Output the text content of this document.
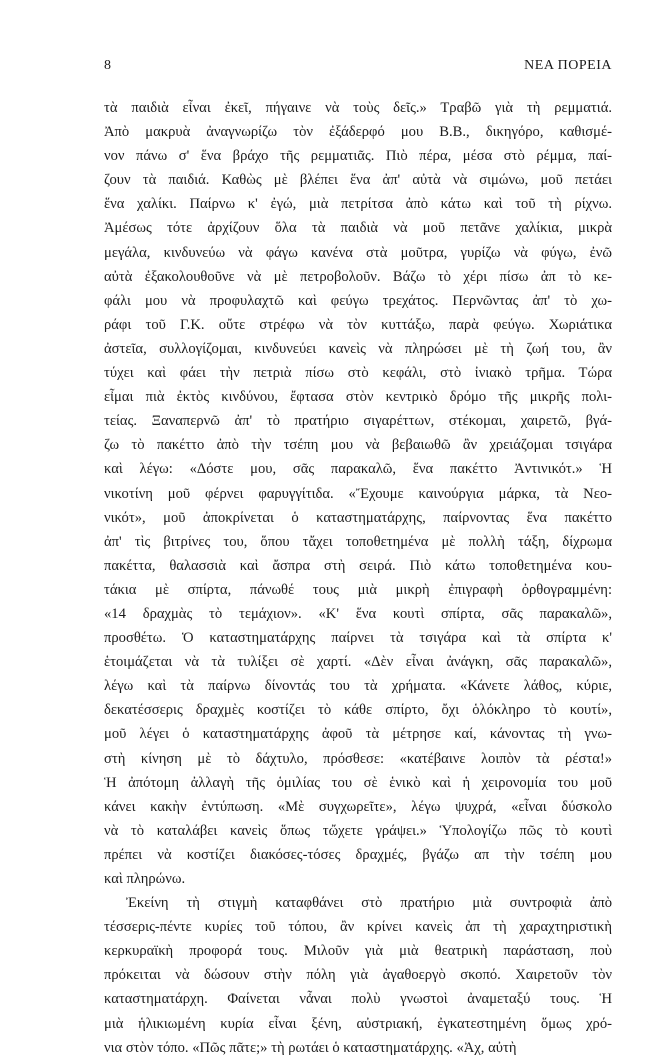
8	ΝΕΑ ΠΟΡΕΙΑ
τὰ παιδιὰ εἶναι ἐκεῖ, πήγαινε νὰ τοὺς δεῖς.» Τραβῶ γιὰ τὴ ρεμματιά.
Ἀπὸ μακρυὰ ἀναγνωρίζω τὸν ἐξάδερφό μου Β.Β., δικηγόρο, καθισμέ-
νον πάνω σ' ἕνα βράχο τῆς ρεμματιᾶς. Πιὸ πέρα, μέσα στὸ ρέμμα, παί-
ζουν τὰ παιδιά. Καθὼς μὲ βλέπει ἕνα ἀπ' αὐτὰ νὰ σιμώνω, μοῦ πετάει
ἕνα χαλίκι. Παίρνω κ' ἐγώ, μιὰ πετρίτσα ἀπὸ κάτω καὶ τοῦ τὴ ρίχνω.
Ἀμέσως τότε ἀρχίζουν ὅλα τὰ παιδιὰ νὰ μοῦ πετᾶνε χαλίκια, μικρὰ
μεγάλα, κινδυνεύω νὰ φάγω κανένα στὰ μοῦτρα, γυρίζω νὰ φύγω, ἐνῶ
αὐτὰ ἐξακολουθοῦνε νὰ μὲ πετροβολοῦν. Βάζω τὸ χέρι πίσω ἀπ τὸ κε-
φάλι μου νὰ προφυλαχτῶ καὶ φεύγω τρεχάτος. Περνῶντας ἀπ' τὸ χω-
ράφι τοῦ Γ.Κ. οὔτε στρέφω νὰ τὸν κυττάξω, παρὰ φεύγω. Χωριάτικα
ἀστεῖα, συλλογίζομαι, κινδυνεύει κανεὶς νὰ πληρώσει μὲ τὴ ζωή του, ἂν
τύχει καὶ φάει τὴν πετριὰ πίσω στὸ κεφάλι, στὸ ἰνιακὸ τρῆμα. Τώρα
εἶμαι πιὰ ἐκτὸς κινδύνου, ἔφτασα στὸν κεντρικὸ δρόμο τῆς μικρῆς πολι-
τείας. Ξαναπερνῶ ἀπ' τὸ πρατήριο σιγαρέττων, στέκομαι, χαιρετῶ, βγά-
ζω τὸ πακέττο ἀπὸ τὴν τσέπη μου νὰ βεβαιωθῶ ἂν χρειάζομαι τσιγάρα
καὶ λέγω: «Δόστε μου, σᾶς παρακαλῶ, ἕνα πακέττο Ἀντινικότ.» Ἡ
νικοτίνη μοῦ φέρνει φαρυγγίτιδα. «Ἔχουμε καινούργια μάρκα, τὰ Νεο-
νικότ», μοῦ ἀποκρίνεται ὁ καταστηματάρχης, παίρνοντας ἕνα πακέττο
ἀπ' τὶς βιτρίνες του, ὅπου τἄχει τοποθετημένα μὲ πολλὴ τάξη, δίχρωμα
πακέττα, θαλασσιὰ καὶ ἄσπρα στὴ σειρά. Πιὸ κάτω τοποθετημένα κου-
τάκια μὲ σπίρτα, πάνωθέ τους μιὰ μικρὴ ἐπιγραφὴ ὀρθογραμμένη:
«14 δραχμὰς τὸ τεμάχιον». «Κ' ἕνα κουτὶ σπίρτα, σᾶς παρακαλῶ»,
προσθέτω. Ὁ καταστηματάρχης παίρνει τὰ τσιγάρα καὶ τὰ σπίρτα κ'
ἑτοιμάζεται νὰ τὰ τυλίξει σὲ χαρτί. «Δὲν εἶναι ἀνάγκη, σᾶς παρακαλῶ»,
λέγω καὶ τὰ παίρνω δίνοντάς του τὰ χρήματα. «Κάνετε λάθος, κύριε,
δεκατέσσερις δραχμὲς κοστίζει τὸ κάθε σπίρτο, ὄχι ὁλόκληρο τὸ κουτί»,
μοῦ λέγει ὁ καταστηματάρχης ἀφοῦ τὰ μέτρησε καί, κάνοντας τὴ γνω-
στὴ κίνηση μὲ τὸ δάχτυλο, πρόσθεσε: «κατέβαινε λοιπὸν τὰ ρέστα!»
Ἡ ἀπότομη ἀλλαγὴ τῆς ὁμιλίας του σὲ ἑνικὸ καὶ ἡ χειρονομία του μοῦ
κάνει κακὴν ἐντύπωση. «Μὲ συγχωρεῖτε», λέγω ψυχρά, «εἶναι δύσκολο
νὰ τὸ καταλάβει κανεὶς ὅπως τὤχετε γράψει.» Ὑπολογίζω πῶς τὸ κουτὶ
πρέπει νὰ κοστίζει διακόσες-τόσες δραχμές, βγάζω απ τὴν τσέπη μου
καὶ πληρώνω.
Ἐκείνη τὴ στιγμὴ καταφθάνει στὸ πρατήριο μιὰ συντροφιὰ ἀπὸ
τέσσερις-πέντε κυρίες τοῦ τόπου, ἂν κρίνει κανεὶς ἀπ τὴ χαραχτηριστικὴ
κερκυραϊκὴ προφορά τους. Μιλοῦν γιὰ μιὰ θεατρικὴ παράσταση, ποὺ
πρόκειται νὰ δώσουν στὴν πόλη γιὰ ἀγαθοεργὸ σκοπό. Χαιρετοῦν τὸν
καταστηματάρχη. Φαίνεται νἆναι πολὺ γνωστοὶ ἀναμεταξύ τους. Ἡ
μιὰ ἡλικιωμένη κυρία εἶναι ξένη, αὐστριακή, ἐγκατεστημένη ὅμως χρό-
νια στὸν τόπο. «Πῶς πᾶτε;» τὴ ρωτάει ὁ καταστηματάρχης. «Ἀχ, αὐτὴ
